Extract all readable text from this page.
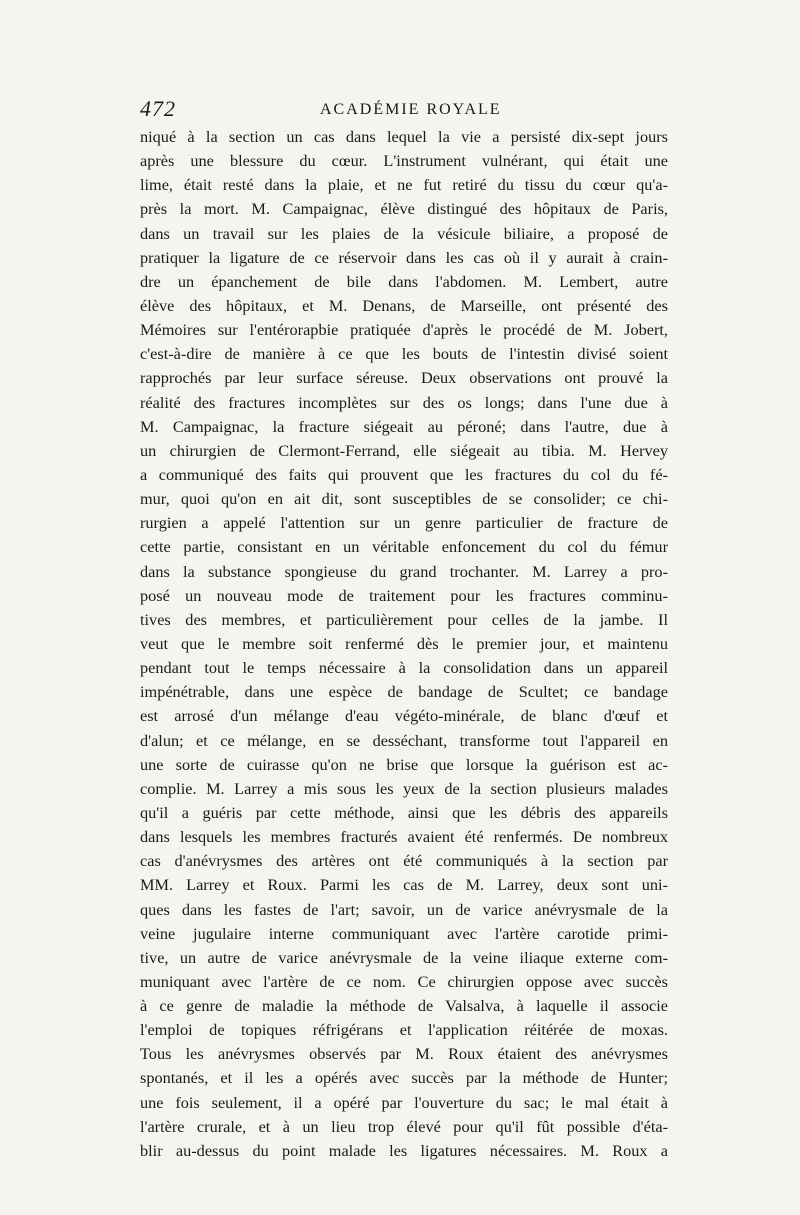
472	ACADÉMIE ROYALE
niqué à la section un cas dans lequel la vie a persisté dix-sept jours
après une blessure du cœur. L'instrument vulnérant, qui était une
lime, était resté dans la plaie, et ne fut retiré du tissu du cœur qu'a-
près la mort. M. Campaignac, élève distingué des hôpitaux de Paris,
dans un travail sur les plaies de la vésicule biliaire, a proposé de
pratiquer la ligature de ce réservoir dans les cas où il y aurait à crain-
dre un épanchement de bile dans l'abdomen. M. Lembert, autre
élève des hôpitaux, et M. Denans, de Marseille, ont présenté des
Mémoires sur l'entérorapbie pratiquée d'après le procédé de M. Jobert,
c'est-à-dire de manière à ce que les bouts de l'intestin divisé soient
rapprochés par leur surface séreuse. Deux observations ont prouvé la
réalité des fractures incomplètes sur des os longs; dans l'une due à
M. Campaignac, la fracture siégeait au péroné; dans l'autre, due à
un chirurgien de Clermont-Ferrand, elle siégeait au tibia. M. Hervey
a communiqué des faits qui prouvent que les fractures du col du fé-
mur, quoi qu'on en ait dit, sont susceptibles de se consolider; ce chi-
rurgien a appelé l'attention sur un genre particulier de fracture de
cette partie, consistant en un véritable enfoncement du col du fémur
dans la substance spongieuse du grand trochanter. M. Larrey a pro-
posé un nouveau mode de traitement pour les fractures comminu-
tives des membres, et particulièrement pour celles de la jambe. Il
veut que le membre soit renfermé dès le premier jour, et maintenu
pendant tout le temps nécessaire à la consolidation dans un appareil
impénétrable, dans une espèce de bandage de Scultet; ce bandage
est arrosé d'un mélange d'eau végéto-minérale, de blanc d'œuf et
d'alun; et ce mélange, en se desséchant, transforme tout l'appareil en
une sorte de cuirasse qu'on ne brise que lorsque la guérison est ac-
complie. M. Larrey a mis sous les yeux de la section plusieurs malades
qu'il a guéris par cette méthode, ainsi que les débris des appareils
dans lesquels les membres fracturés avaient été renfermés. De nombreux
cas d'anévrysmes des artères ont été communiqués à la section par
MM. Larrey et Roux. Parmi les cas de M. Larrey, deux sont uni-
ques dans les fastes de l'art; savoir, un de varice anévrysmale de la
veine jugulaire interne communiquant avec l'artère carotide primi-
tive, un autre de varice anévrysmale de la veine iliaque externe com-
muniquant avec l'artère de ce nom. Ce chirurgien oppose avec succès
à ce genre de maladie la méthode de Valsalva, à laquelle il associe
l'emploi de topiques réfrigérans et l'application réitérée de moxas.
Tous les anévrysmes observés par M. Roux étaient des anévrysmes
spontanés, et il les a opérés avec succès par la méthode de Hunter;
une fois seulement, il a opéré par l'ouverture du sac; le mal était à
l'artère crurale, et à un lieu trop élevé pour qu'il fût possible d'éta-
blir au-dessus du point malade les ligatures nécessaires. M. Roux a
